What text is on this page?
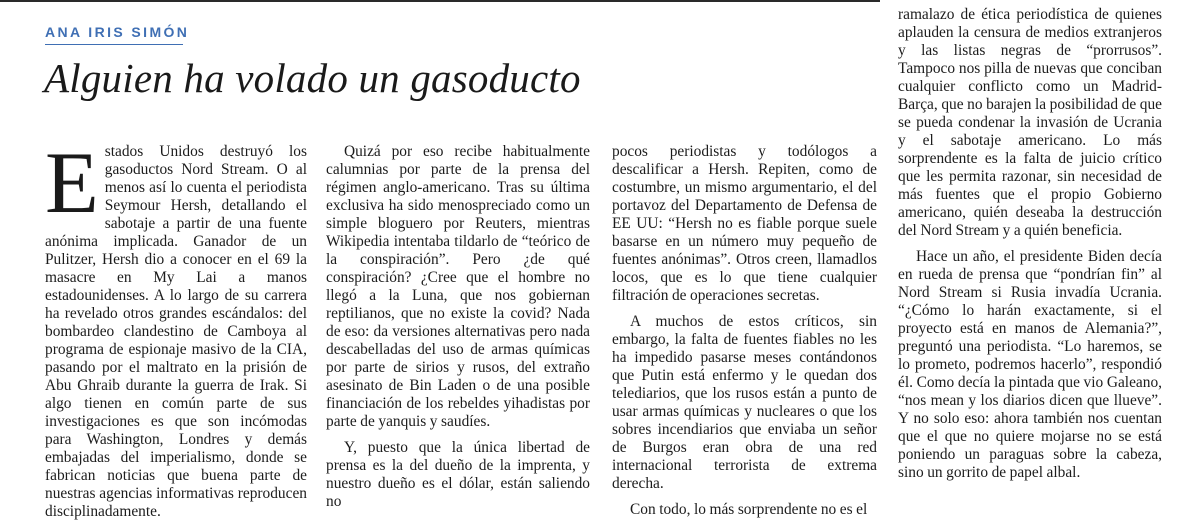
ANA IRIS SIMÓN
Alguien ha volado un gasoducto

Estados Unidos destruyó los gasoductos Nord Stream. O al menos así lo cuenta el periodista Seymour Hersh, detallando el sabotaje a partir de una fuente anónima implicada. Ganador de un Pulitzer, Hersh dio a conocer en el 69 la masacre en My Lai a manos estadounidenses. A lo largo de su carrera ha revelado otros grandes escándalos: del bombardeo clandestino de Camboya al programa de espionaje masivo de la CIA, pasando por el maltrato en la prisión de Abu Ghraib durante la guerra de Irak. Si algo tienen en común parte de sus investigaciones es que son incómodas para Washington, Londres y demás embajadas del imperialismo, donde se fabrican noticias que buena parte de nuestras agencias informativas reproducen disciplinadamente.

Quizá por eso recibe habitualmente calumnias por parte de la prensa del régimen anglo-americano. Tras su última exclusiva ha sido menospreciado como un simple bloguero por Reuters, mientras Wikipedia intentaba tildarlo de “teórico de la conspiración”. Pero ¿de qué conspiración? ¿Cree que el hombre no llegó a la Luna, que nos gobiernan reptilianos, que no existe la covid? Nada de eso: da versiones alternativas pero nada descabelladas del uso de armas químicas por parte de sirios y rusos, del extraño asesinato de Bin Laden o de una posible financiación de los rebeldes yihadistas por parte de yanquis y saudíes.

Y, puesto que la única libertad de prensa es la del dueño de la imprenta, y nuestro dueño es el dólar, están saliendo no

pocos periodistas y todólogos a descalificar a Hersh. Repiten, como de costumbre, un mismo argumentario, el del portavoz del Departamento de Defensa de EE UU: “Hersh no es fiable porque suele basarse en un número muy pequeño de fuentes anónimas”. Otros creen, llamadlos locos, que es lo que tiene cualquier filtración de operaciones secretas.

A muchos de estos críticos, sin embargo, la falta de fuentes fiables no les ha impedido pasarse meses contándonos que Putin está enfermo y le quedan dos telediarios, que los rusos están a punto de usar armas químicas y nucleares o que los sobres incendiarios que enviaba un señor de Burgos eran obra de una red internacional terrorista de extrema derecha.

Con todo, lo más sorprendente no es el

ramalazo de ética periodística de quienes aplauden la censura de medios extranjeros y las listas negras de “prorrusos”. Tampoco nos pilla de nuevas que conciban cualquier conflicto como un Madrid-Barça, que no barajen la posibilidad de que se pueda condenar la invasión de Ucrania y el sabotaje americano. Lo más sorprendente es la falta de juicio crítico que les permita razonar, sin necesidad de más fuentes que el propio Gobierno americano, quién deseaba la destrucción del Nord Stream y a quién beneficia.

Hace un año, el presidente Biden decía en rueda de prensa que “pondrían fin” al Nord Stream si Rusia invadía Ucrania. “¿Cómo lo harán exactamente, si el proyecto está en manos de Alemania?”, preguntó una periodista. “Lo haremos, se lo prometo, podremos hacerlo”, respondió él. Como decía la pintada que vio Galeano, “nos mean y los diarios dicen que llueve”. Y no solo eso: ahora también nos cuentan que el que no quiere mojarse no se está poniendo un paraguas sobre la cabeza, sino un gorrito de papel albal.
